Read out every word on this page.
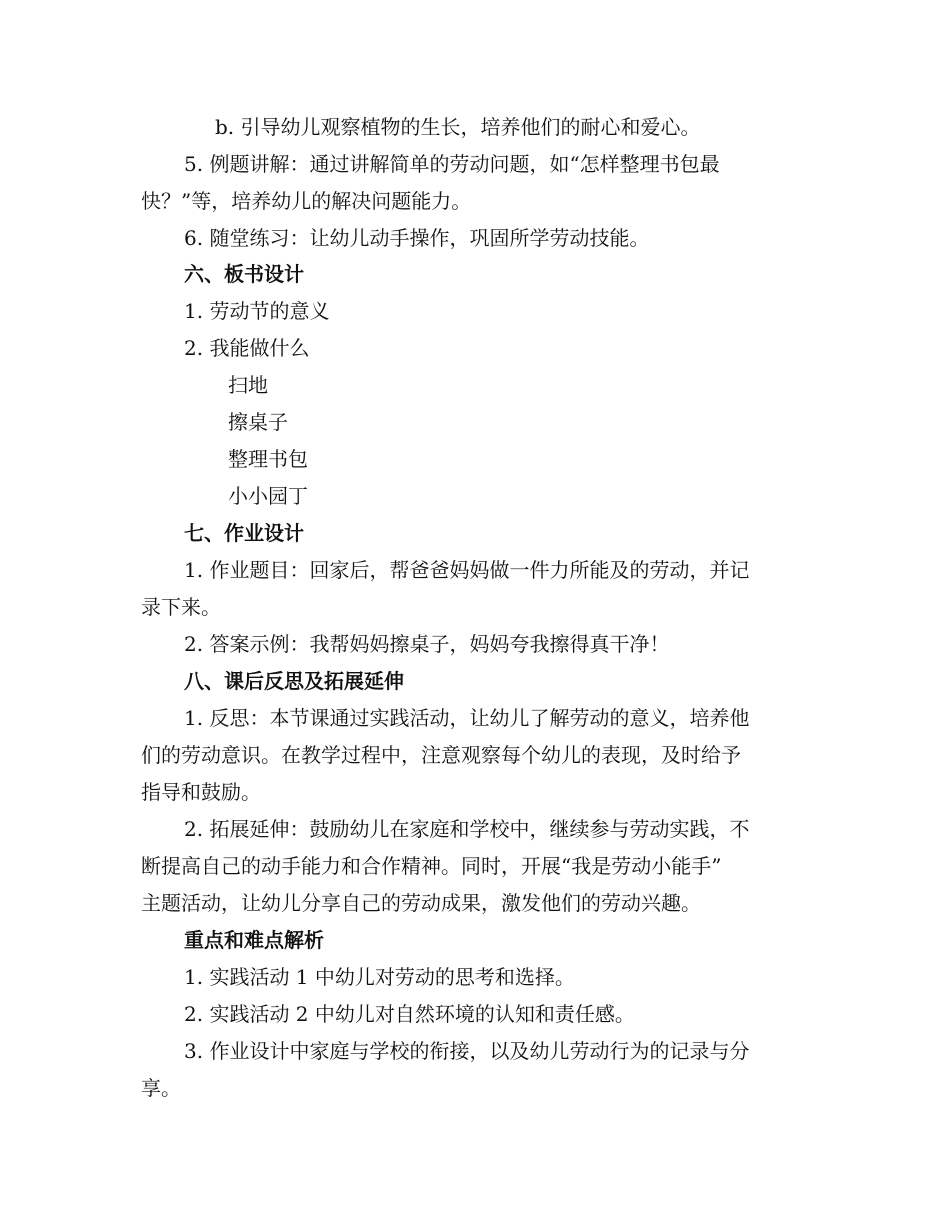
b. 引导幼儿观察植物的生长，培养他们的耐心和爱心。
5. 例题讲解：通过讲解简单的劳动问题，如“怎样整理书包最
快？”等，培养幼儿的解决问题能力。
6. 随堂练习：让幼儿动手操作，巩固所学劳动技能。
六、板书设计
1. 劳动节的意义
2. 我能做什么
扫地
擦桌子
整理书包
小小园丁
七、作业设计
1. 作业题目：回家后，帮爸爸妈妈做一件力所能及的劳动，并记
录下来。
2. 答案示例：我帮妈妈擦桌子，妈妈夸我擦得真干净！
八、课后反思及拓展延伸
1. 反思：本节课通过实践活动，让幼儿了解劳动的意义，培养他
们的劳动意识。在教学过程中，注意观察每个幼儿的表现，及时给予
指导和鼓励。
2. 拓展延伸：鼓励幼儿在家庭和学校中，继续参与劳动实践，不
断提高自己的动手能力和合作精神。同时，开展“我是劳动小能手”
主题活动，让幼儿分享自己的劳动成果，激发他们的劳动兴趣。
重点和难点解析
1. 实践活动 1 中幼儿对劳动的思考和选择。
2. 实践活动 2 中幼儿对自然环境的认知和责任感。
3. 作业设计中家庭与学校的衔接，以及幼儿劳动行为的记录与分
享。
